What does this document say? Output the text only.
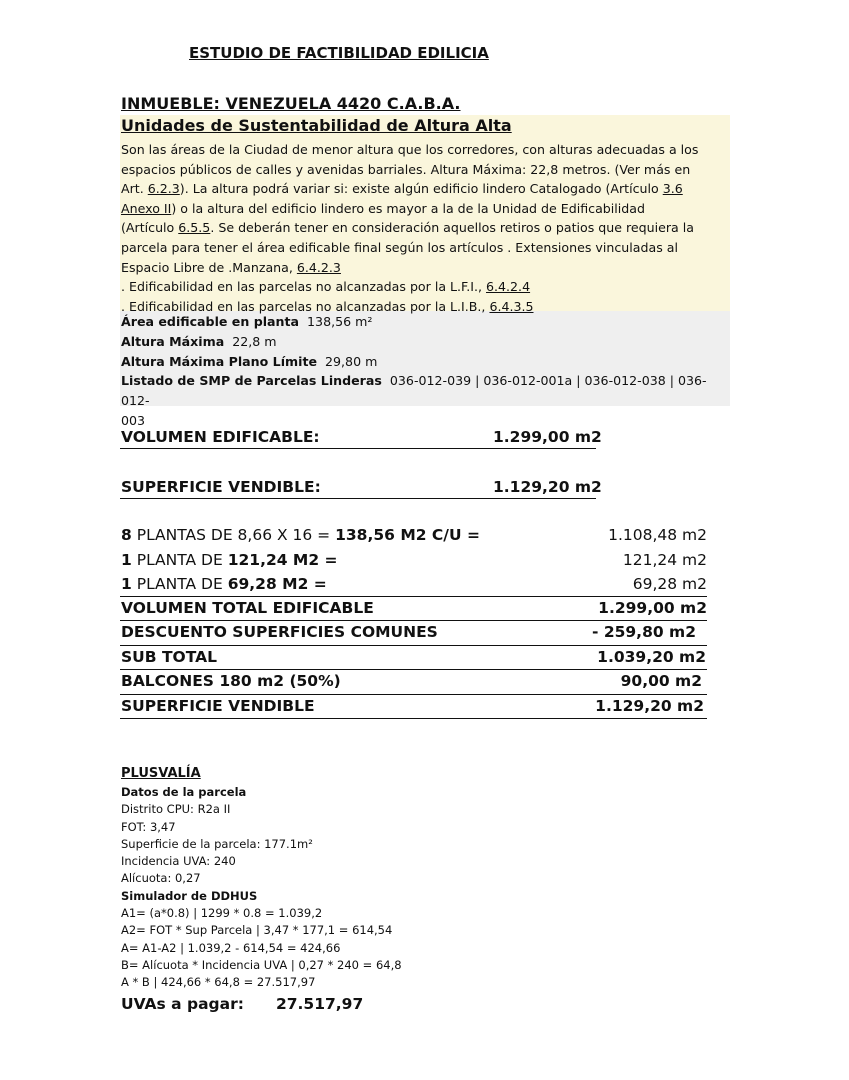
ESTUDIO DE FACTIBILIDAD EDILICIA
INMUEBLE: VENEZUELA 4420 C.A.B.A.
Unidades de Sustentabilidad de Altura Alta
Son las áreas de la Ciudad de menor altura que los corredores, con alturas adecuadas a los
espacios públicos de calles y avenidas barriales. Altura Máxima: 22,8 metros. (Ver más en
Art. 6.2.3). La altura podrá variar si: existe algún edificio lindero Catalogado (Artículo 3.6
Anexo II) o la altura del edificio lindero es mayor a la de la Unidad de Edificabilidad
(Artículo 6.5.5. Se deberán tener en consideración aquellos retiros o patios que requiera la
parcela para tener el área edificable final según los artículos . Extensiones vinculadas al
Espacio Libre de .Manzana, 6.4.2.3
. Edificabilidad en las parcelas no alcanzadas por la L.F.I., 6.4.2.4
. Edificabilidad en las parcelas no alcanzadas por la L.I.B., 6.4.3.5
Área edificable en planta 138,56 m²
Altura Máxima 22,8 m
Altura Máxima Plano Límite 29,80 m
Listado de SMP de Parcelas Linderas 036-012-039 | 036-012-001a | 036-012-038 | 036-012-
003
VOLUMEN EDIFICABLE:	1.299,00 m2
SUPERFICIE VENDIBLE:	1.129,20 m2
8 PLANTAS DE 8,66 X 16 = 138,56 M2 C/U =	1.108,48 m2
1 PLANTA DE 121,24 M2 =	121,24 m2
1 PLANTA DE 69,28 M2 =	69,28 m2
VOLUMEN TOTAL EDIFICABLE	1.299,00 m2
DESCUENTO SUPERFICIES COMUNES	- 259,80 m2
SUB TOTAL	1.039,20 m2
BALCONES 180 m2 (50%)	90,00 m2
SUPERFICIE VENDIBLE	1.129,20 m2
PLUSVALÍA
Datos de la parcela
Distrito CPU: R2a II
FOT: 3,47
Superficie de la parcela: 177.1m²
Incidencia UVA: 240
Alícuota: 0,27
Simulador de DDHUS
A1= (a*0.8) | 1299 * 0.8 = 1.039,2
A2= FOT * Sup Parcela | 3,47 * 177,1 = 614,54
A= A1-A2 | 1.039,2 - 614,54 = 424,66
B= Alícuota * Incidencia UVA | 0,27 * 240 = 64,8
A * B | 424,66 * 64,8 = 27.517,97
UVAs a pagar: 27.517,97
